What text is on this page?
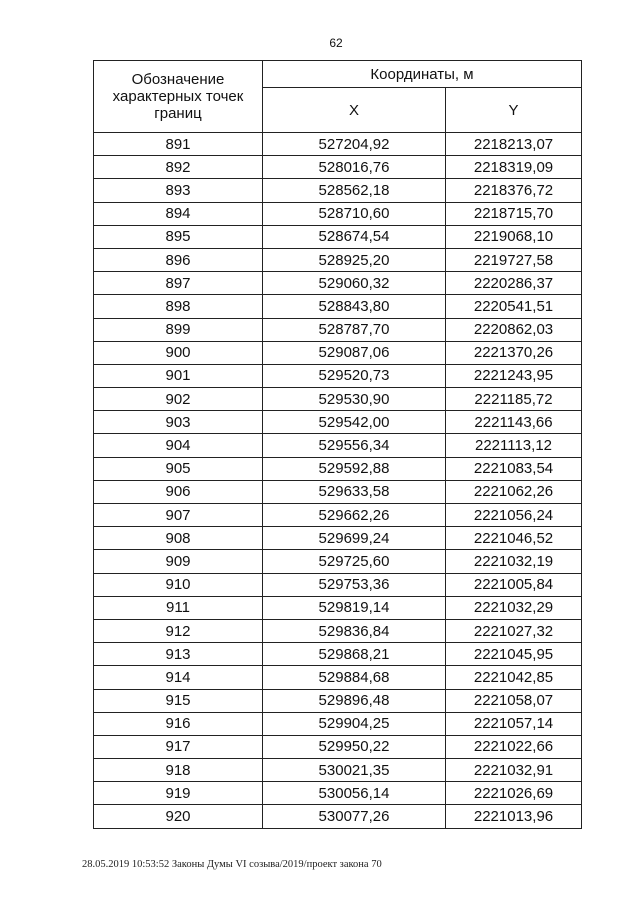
62
Обозначение характерных точек границ	Координаты, м	
	X	Y
891	527204,92	2218213,07
892	528016,76	2218319,09
893	528562,18	2218376,72
894	528710,60	2218715,70
895	528674,54	2219068,10
896	528925,20	2219727,58
897	529060,32	2220286,37
898	528843,80	2220541,51
899	528787,70	2220862,03
900	529087,06	2221370,26
901	529520,73	2221243,95
902	529530,90	2221185,72
903	529542,00	2221143,66
904	529556,34	2221113,12
905	529592,88	2221083,54
906	529633,58	2221062,26
907	529662,26	2221056,24
908	529699,24	2221046,52
909	529725,60	2221032,19
910	529753,36	2221005,84
911	529819,14	2221032,29
912	529836,84	2221027,32
913	529868,21	2221045,95
914	529884,68	2221042,85
915	529896,48	2221058,07
916	529904,25	2221057,14
917	529950,22	2221022,66
918	530021,35	2221032,91
919	530056,14	2221026,69
920	530077,26	2221013,96
28.05.2019 10:53:52 Законы Думы VI созыва/2019/проект закона 70
